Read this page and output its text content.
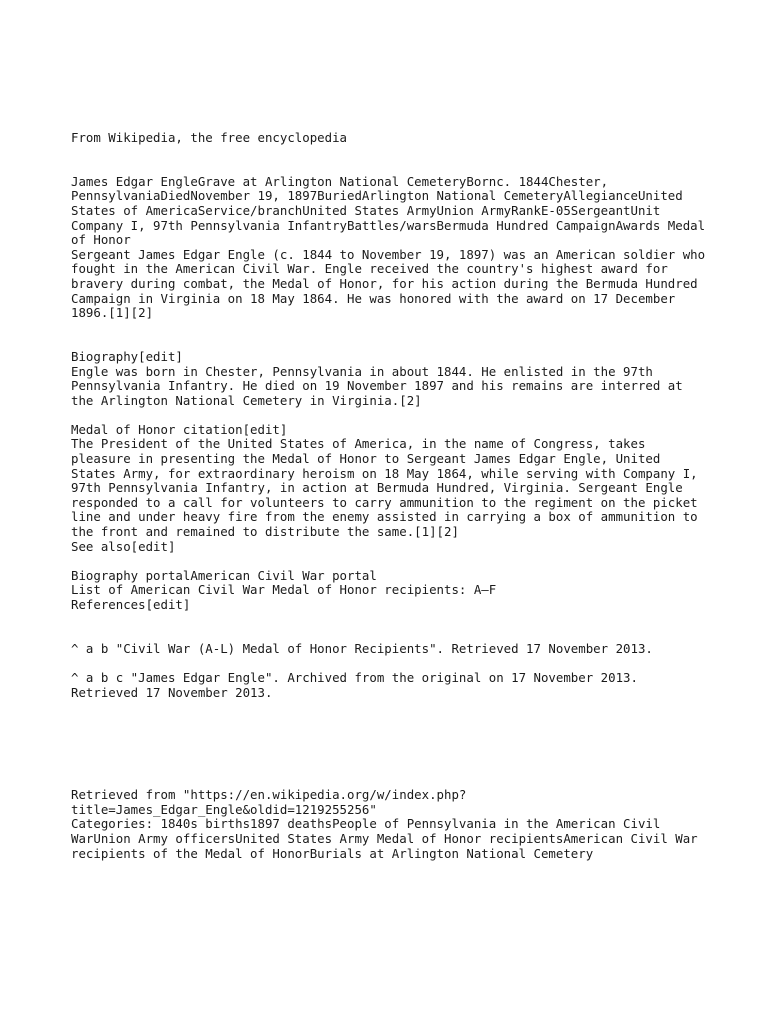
From Wikipedia, the free encyclopedia

James Edgar EngleGrave at Arlington National CemeteryBornc. 1844Chester, PennsylvaniaDiedNovember 19, 1897BuriedArlington National CemeteryAllegianceUnited States of AmericaService/branchUnited States ArmyUnion ArmyRankE-05SergeantUnit Company I, 97th Pennsylvania InfantryBattles/warsBermuda Hundred CampaignAwards Medal of Honor

Sergeant James Edgar Engle (c. 1844 to November 19, 1897) was an American soldier who fought in the American Civil War. Engle received the country's highest award for bravery during combat, the Medal of Honor, for his action during the Bermuda Hundred Campaign in Virginia on 18 May 1864. He was honored with the award on 17 December 1896.[1][2]

Biography[edit]

Engle was born in Chester, Pennsylvania in about 1844. He enlisted in the 97th Pennsylvania Infantry. He died on 19 November 1897 and his remains are interred at the Arlington National Cemetery in Virginia.[2]

Medal of Honor citation[edit]

The President of the United States of America, in the name of Congress, takes pleasure in presenting the Medal of Honor to Sergeant James Edgar Engle, United States Army, for extraordinary heroism on 18 May 1864, while serving with Company I, 97th Pennsylvania Infantry, in action at Bermuda Hundred, Virginia. Sergeant Engle responded to a call for volunteers to carry ammunition to the regiment on the picket line and under heavy fire from the enemy assisted in carrying a box of ammunition to the front and remained to distribute the same.[1][2]

See also[edit]

Biography portalAmerican Civil War portal

List of American Civil War Medal of Honor recipients: A–F

References[edit]

^ a b "Civil War (A-L) Medal of Honor Recipients". Retrieved 17 November 2013.

^ a b c "James Edgar Engle". Archived from the original on 17 November 2013. Retrieved 17 November 2013.

Retrieved from "https://en.wikipedia.org/w/index.php?title=James_Edgar_Engle&oldid=1219255256"

Categories: 1840s births1897 deathsPeople of Pennsylvania in the American Civil WarUnion Army officersUnited States Army Medal of Honor recipientsAmerican Civil War recipients of the Medal of HonorBurials at Arlington National Cemetery
